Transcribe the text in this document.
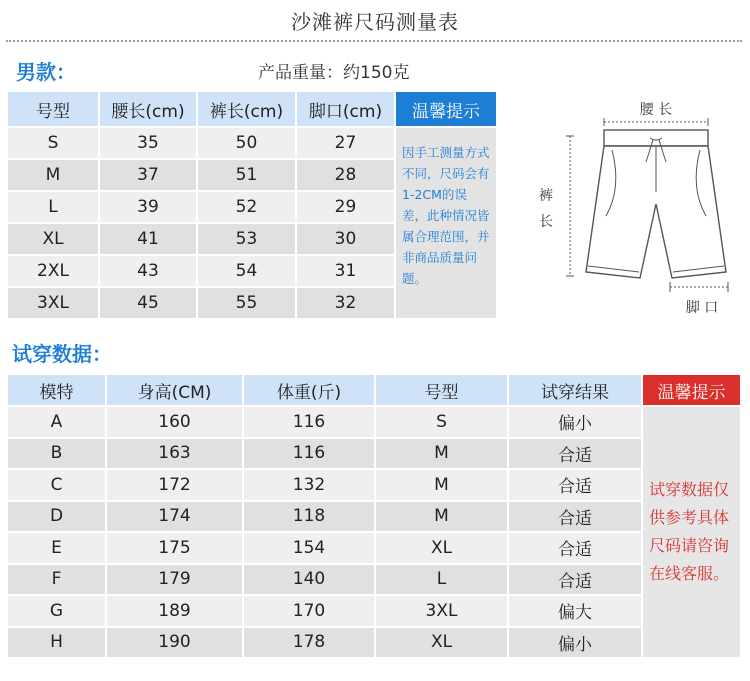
沙滩裤尺码测量表
男款：	产品重量：约150克
号型	腰长(cm)	裤长(cm)	脚口(cm)	温馨提示
S	35	50	27	因手工测量方式不同，尺码会有1-2CM的误差，此种情况皆属合理范围，并非商品质量问题。

M	37	51	28	
L	39	52	29	
XL	41	53	30	
2XL	43	54	31	
3XL	45	55	32	
腰 长
裤
长
脚 口
试穿数据：
模特	身高(CM)	体重(斤)	号型	试穿结果	温馨提示
A	160	116	S	偏小	试穿数据仅供参考具体尺码请咨询在线客服。

B	163	116	M	合适	
C	172	132	M	合适	
D	174	118	M	合适	
E	175	154	XL	合适	
F	179	140	L	合适	
G	189	170	3XL	偏大	
H	190	178	XL	偏小	
